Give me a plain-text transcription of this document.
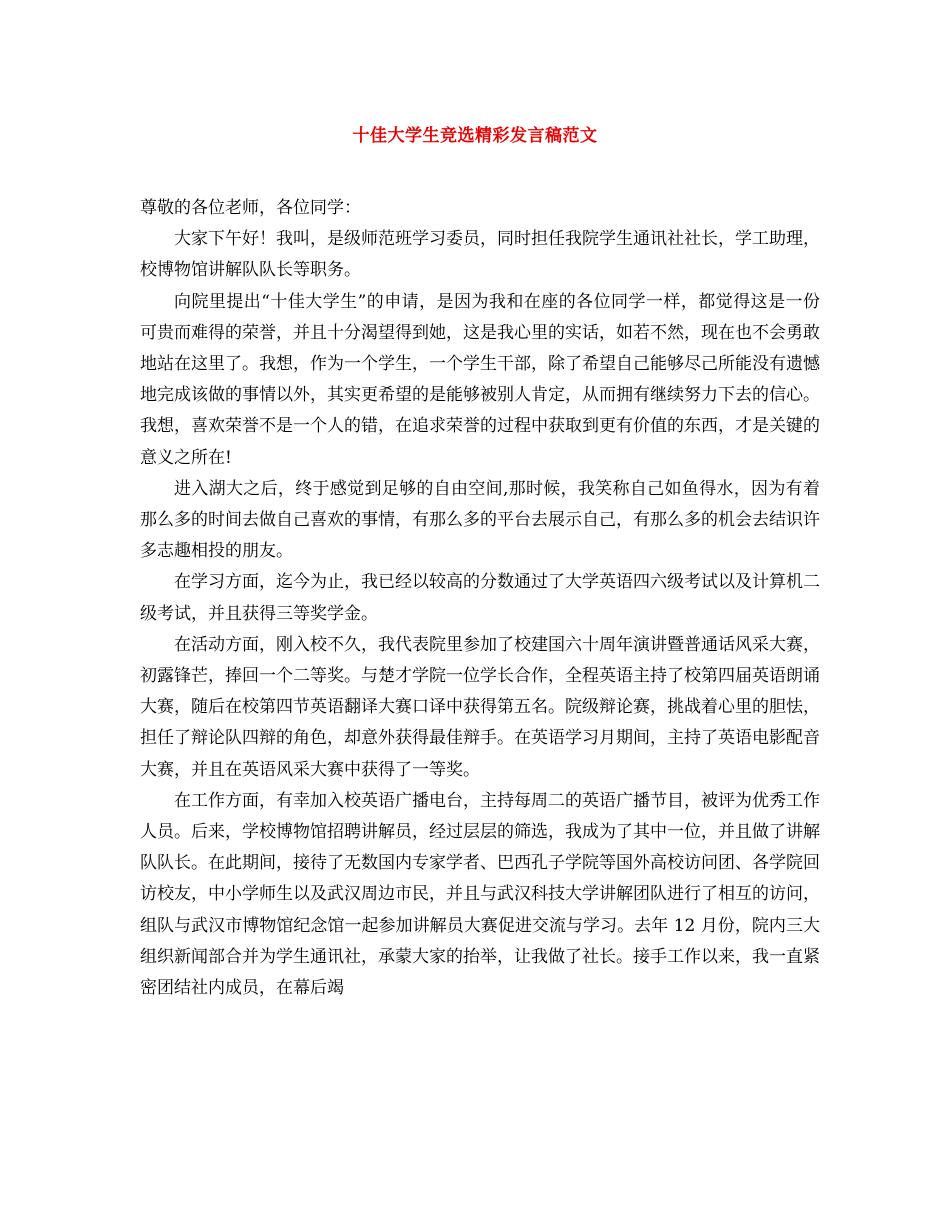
十佳大学生竞选精彩发言稿范文

尊敬的各位老师，各位同学：

大家下午好！我叫，是级师范班学习委员，同时担任我院学生通讯社社长，学工助理，校博物馆讲解队队长等职务。

向院里提出“十佳大学生”的申请，是因为我和在座的各位同学一样，都觉得这是一份可贵而难得的荣誉，并且十分渴望得到她，这是我心里的实话，如若不然，现在也不会勇敢地站在这里了。我想，作为一个学生，一个学生干部，除了希望自己能够尽己所能没有遗憾地完成该做的事情以外，其实更希望的是能够被别人肯定，从而拥有继续努力下去的信心。我想，喜欢荣誉不是一个人的错，在追求荣誉的过程中获取到更有价值的东西，才是关键的意义之所在!

进入湖大之后，终于感觉到足够的自由空间,那时候，我笑称自己如鱼得水，因为有着那么多的时间去做自己喜欢的事情，有那么多的平台去展示自己，有那么多的机会去结识许多志趣相投的朋友。

在学习方面，迄今为止，我已经以较高的分数通过了大学英语四六级考试以及计算机二级考试，并且获得三等奖学金。

在活动方面，刚入校不久，我代表院里参加了校建国六十周年演讲暨普通话风采大赛，初露锋芒，捧回一个二等奖。与楚才学院一位学长合作，全程英语主持了校第四届英语朗诵大赛，随后在校第四节英语翻译大赛口译中获得第五名。院级辩论赛，挑战着心里的胆怯，担任了辩论队四辩的角色，却意外获得最佳辩手。在英语学习月期间，主持了英语电影配音大赛，并且在英语风采大赛中获得了一等奖。

在工作方面，有幸加入校英语广播电台，主持每周二的英语广播节目，被评为优秀工作人员。后来，学校博物馆招聘讲解员，经过层层的筛选，我成为了其中一位，并且做了讲解队队长。在此期间，接待了无数国内专家学者、巴西孔子学院等国外高校访问团、各学院回访校友，中小学师生以及武汉周边市民，并且与武汉科技大学讲解团队进行了相互的访问，组队与武汉市博物馆纪念馆一起参加讲解员大赛促进交流与学习。去年 12 月份，院内三大组织新闻部合并为学生通讯社，承蒙大家的抬举，让我做了社长。接手工作以来，我一直紧密团结社内成员，在幕后竭
